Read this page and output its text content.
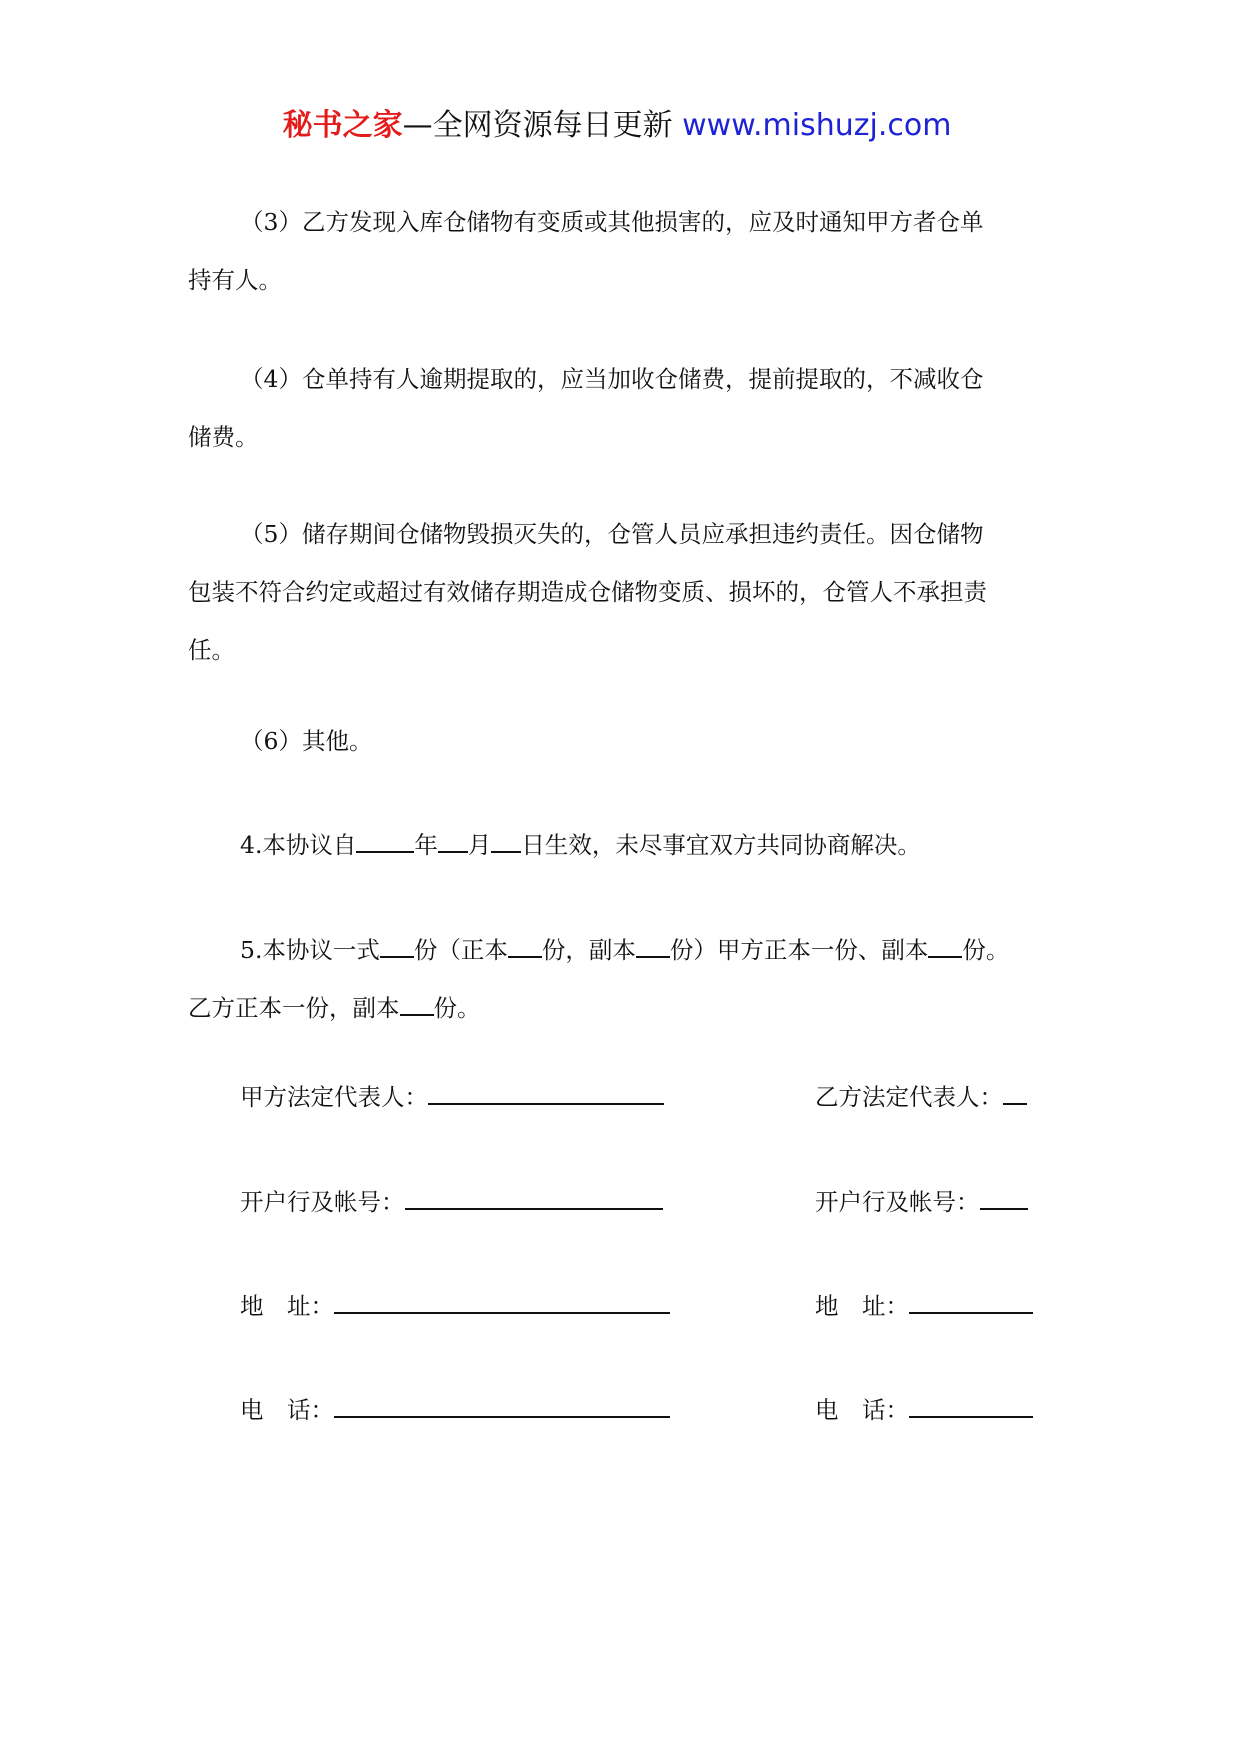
秘书之家—全网资源每日更新 www.mishuzj.com
（3）乙方发现入库仓储物有变质或其他损害的，应及时通知甲方者仓单
持有人。
（4）仓单持有人逾期提取的，应当加收仓储费，提前提取的，不减收仓
储费。
（5）储存期间仓储物毁损灭失的，仓管人员应承担违约责任。因仓储物
包装不符合约定或超过有效储存期造成仓储物变质、损坏的，仓管人不承担责
任。
（6）其他。
4.本协议自 年 月 日生效，未尽事宜双方共同协商解决。
5.本协议一式 份（正本 份，副本 份）甲方正本一份、副本 份。
乙方正本一份，副本 份。
甲方法定代表人：
开户行及帐号：
地　址：
电　话：
乙方法定代表人：
开户行及帐号：
地　址：
电　话：
